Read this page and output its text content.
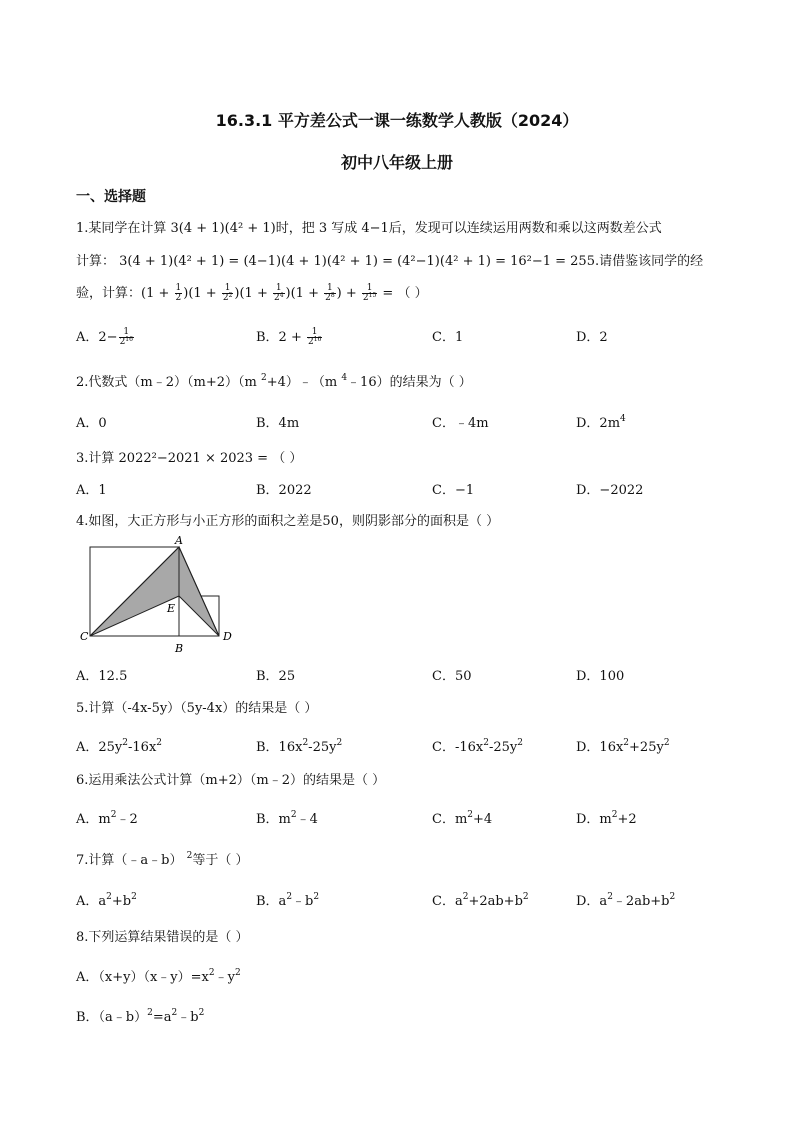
16.3.1 平方差公式一课一练数学人教版（2024）
初中八年级上册
一、选择题
1.某同学在计算 3(4 + 1)(4² + 1)时，把 3 写成 4−1后，发现可以连续运用两数和乘以这两数差公式
计算： 3(4 + 1)(4² + 1) = (4−1)(4 + 1)(4² + 1) = (4²−1)(4² + 1) = 16²−1 = 255.请借鉴该同学的经
验，计算：$(1 + \frac{1}{2} )(1 + \frac{1}{2^2} )(1 + \frac{1}{2^4} )(1 + \frac{1}{2^8}$ ) + $\frac{1}{2^{15}}$ = （ ）
A．$2- \frac{1}{2^{16}}$	B．$2 + \frac{1}{2^{16}}$	C．1	D．2
2.代数式（m﹣2）（m+2）（m $^2$+4）﹣（m $^4$﹣16）的结果为（ ）
A．0	B．4m	C．﹣4m	D．$2m^4$
3.计算 2022²−2021 × 2023 = （ ）
A．1	B．2022	C．−1	D．−2022
4.如图，大正方形与小正方形的面积之差是50，则阴影部分的面积是（ ）
A
B
C	D
E
A．12.5	B．25	C．50	D．100
5.计算（-4x-5y）（5y-4x）的结果是（ ）
A．$25y^2-16x^2$	B．$16x^2-25y^2$	C．$-16x^2-25y^2$	D．$16x^2+25y^2$
6.运用乘法公式计算（m+2）（m﹣2）的结果是（ ）
A．$m^2﹣2$	B．$m^2﹣4$	C．$m^2+4$	D．$m^2+2$
7.计算（﹣a﹣b） $^2$等于（ ）
A．$a^2+b^2$	B．$a^2﹣b^2$	C．$a^2+2ab+b^2$	D．$a^2﹣2ab+b^2$
8.下列运算结果错误的是（ ）
A．$(x+y)(x﹣y)=x^2﹣y^2$
B．$(a﹣b)^2=a^2﹣b^2$
